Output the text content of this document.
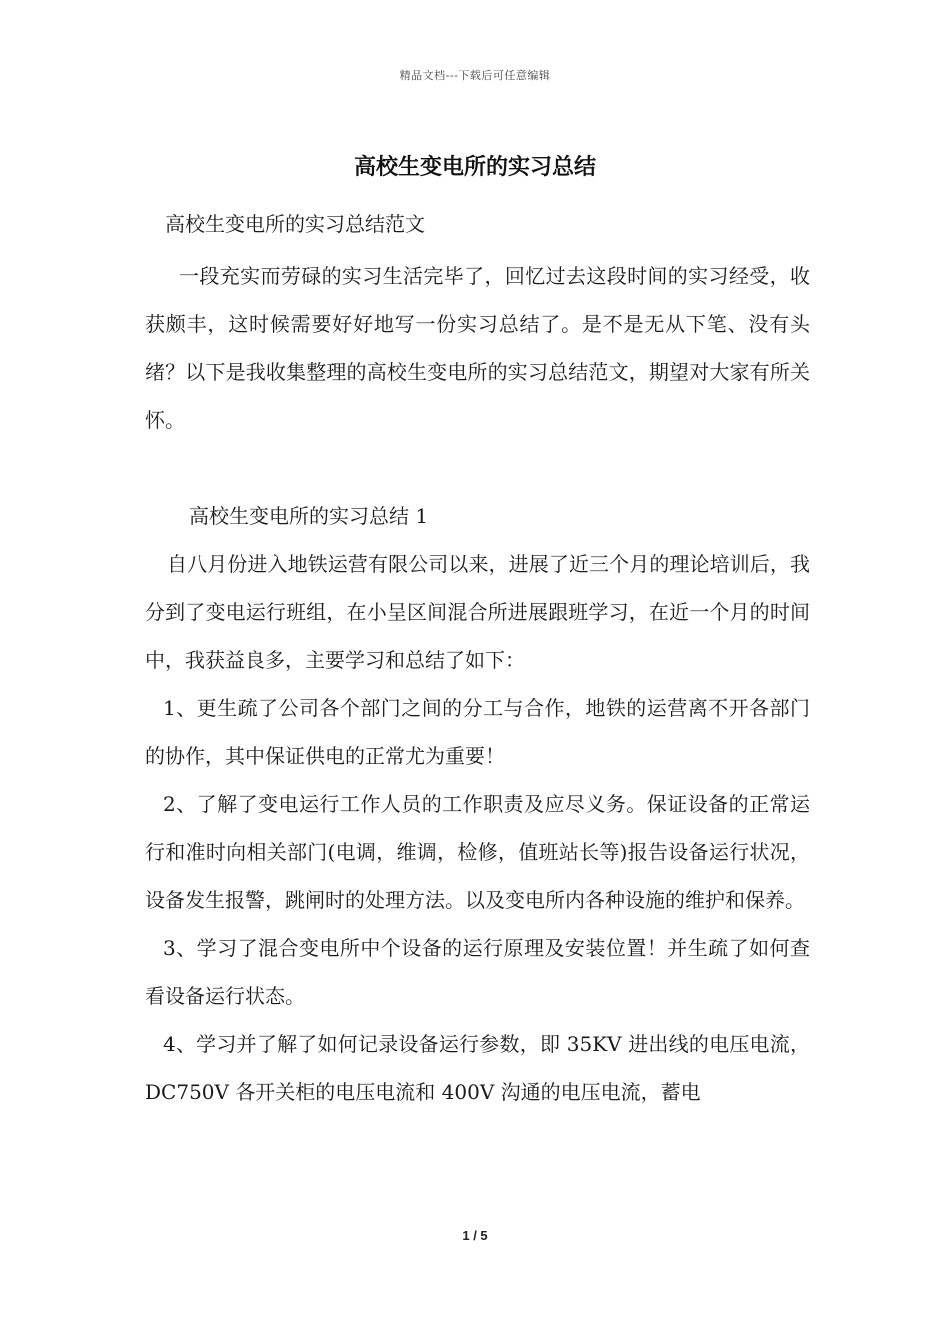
精品文档---下载后可任意编辑
高校生变电所的实习总结

高校生变电所的实习总结范文

一段充实而劳碌的实习生活完毕了，回忆过去这段时间的实习经受，收获颇丰，这时候需要好好地写一份实习总结了。是不是无从下笔、没有头绪？以下是我收集整理的高校生变电所的实习总结范文，期望对大家有所关怀。

高校生变电所的实习总结 1

自八月份进入地铁运营有限公司以来，进展了近三个月的理论培训后，我分到了变电运行班组，在小呈区间混合所进展跟班学习，在近一个月的时间中，我获益良多，主要学习和总结了如下：

1、更生疏了公司各个部门之间的分工与合作，地铁的运营离不开各部门的协作，其中保证供电的正常尤为重要！

2、了解了变电运行工作人员的工作职责及应尽义务。保证设备的正常运行和准时向相关部门(电调，维调，检修，值班站长等)报告设备运行状况，设备发生报警，跳闸时的处理方法。以及变电所内各种设施的维护和保养。

3、学习了混合变电所中个设备的运行原理及安装位置！并生疏了如何查看设备运行状态。

4、学习并了解了如何记录设备运行参数，即 35KV 进出线的电压电流，DC750V 各开关柜的电压电流和 400V 沟通的电压电流，蓄电

1 / 5
